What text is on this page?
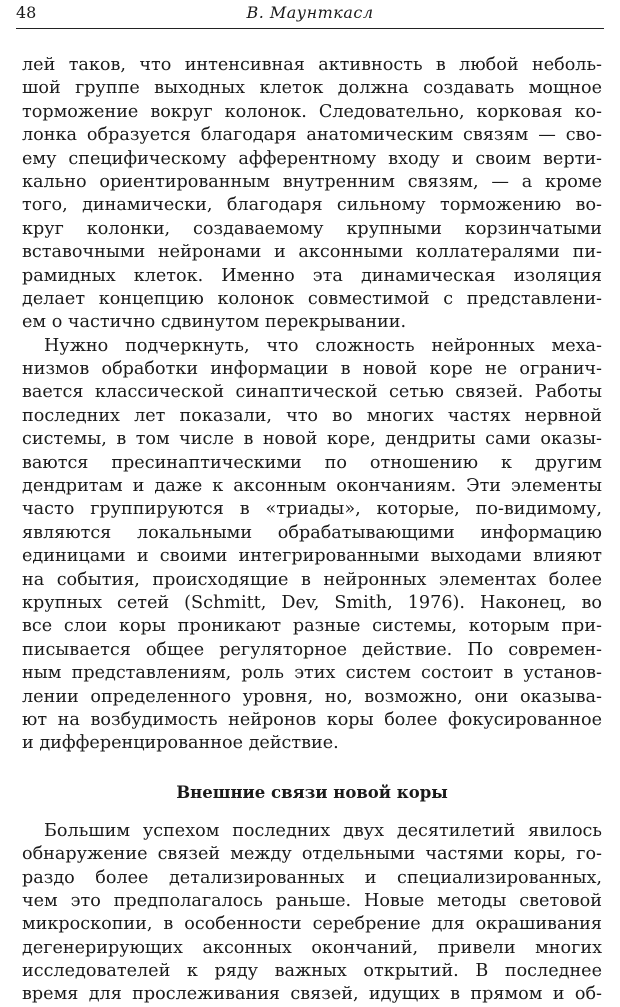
48	В. Маунткасл
лей таков, что интенсивная активность в любой неболь-
шой группе выходных клеток должна создавать мощное
торможение вокруг колонок. Следовательно, корковая ко-
лонка образуется благодаря анатомическим связям — сво-
ему специфическому афферентному входу и своим верти-
кально ориентированным внутренним связям, — а кроме
того, динамически, благодаря сильному торможению во-
круг колонки, создаваемому крупными корзинчатыми
вставочными нейронами и аксонными коллатералями пи-
рамидных клеток. Именно эта динамическая изоляция
делает концепцию колонок совместимой с представлени-
ем о частично сдвинутом перекрывании.
Нужно подчеркнуть, что сложность нейронных меха-
низмов обработки информации в новой коре не огранич-
вается классической синаптической сетью связей. Работы
последних лет показали, что во многих частях нервной
системы, в том числе в новой коре, дендриты сами оказы-
ваются пресинаптическими по отношению к другим
дендритам и даже к аксонным окончаниям. Эти элементы
часто группируются в «триады», которые, по-видимому,
являются локальными обрабатывающими информацию
единицами и своими интегрированными выходами влияют
на события, происходящие в нейронных элементах более
крупных сетей (Schmitt, Dev, Smith, 1976). Наконец, во
все слои коры проникают разные системы, которым при-
писывается общее регуляторное действие. По современ-
ным представлениям, роль этих систем состоит в установ-
лении определенного уровня, но, возможно, они оказыва-
ют на возбудимость нейронов коры более фокусированное
и дифференцированное действие.
Внешние связи новой коры
Большим успехом последних двух десятилетий явилось
обнаружение связей между отдельными частями коры, го-
раздо более детализированных и специализированных,
чем это предполагалось раньше. Новые методы световой
микроскопии, в особенности серебрение для окрашивания
дегенерирующих аксонных окончаний, привели многих
исследователей к ряду важных открытий. В последнее
время для прослеживания связей, идущих в прямом и об-
